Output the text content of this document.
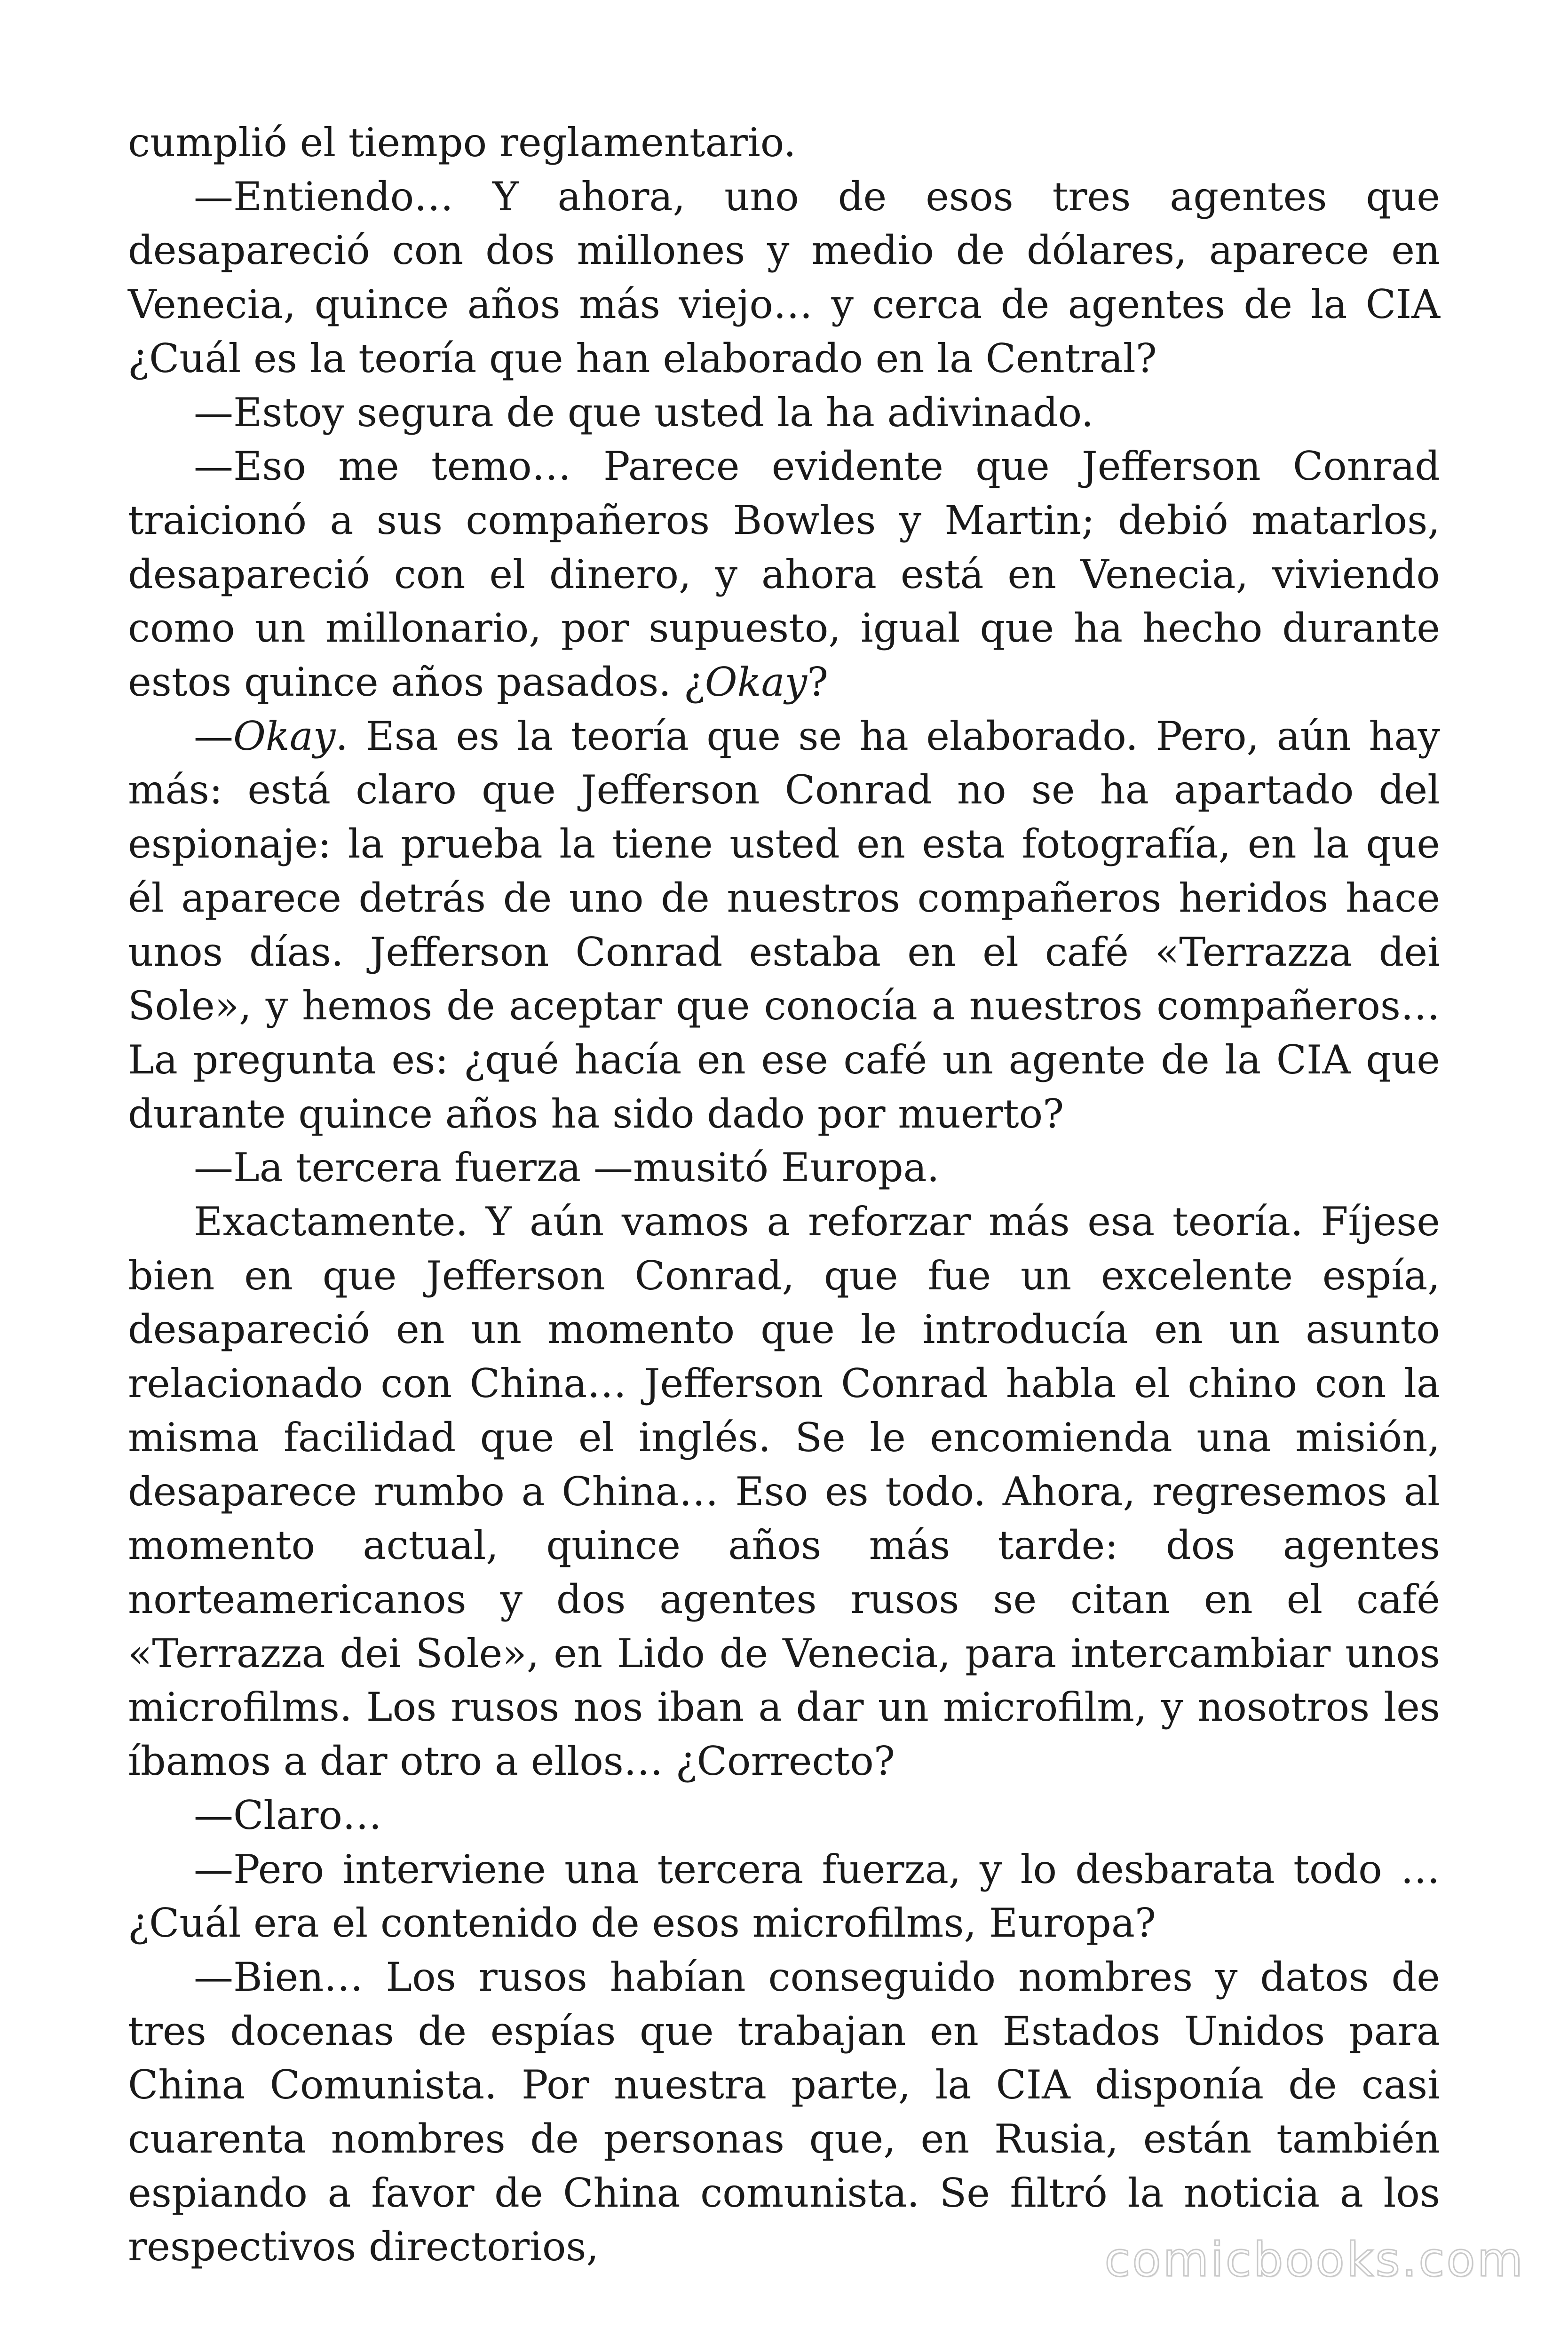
cumplió el tiempo reglamentario.

—Entiendo… Y ahora, uno de esos tres agentes que desapareció con dos millones y medio de dólares, aparece en Venecia, quince años más viejo… y cerca de agentes de la CIA ¿Cuál es la teoría que han elaborado en la Central?

—Estoy segura de que usted la ha adivinado.

—Eso me temo… Parece evidente que Jefferson Conrad traicionó a sus compañeros Bowles y Martin; debió matarlos, desapareció con el dinero, y ahora está en Venecia, viviendo como un millonario, por supuesto, igual que ha hecho durante estos quince años pasados. ¿Okay?

—Okay. Esa es la teoría que se ha elaborado. Pero, aún hay más: está claro que Jefferson Conrad no se ha apartado del espionaje: la prueba la tiene usted en esta fotografía, en la que él aparece detrás de uno de nuestros compañeros heridos hace unos días. Jefferson Conrad estaba en el café «Terrazza dei Sole», y hemos de aceptar que conocía a nuestros compañeros… La pregunta es: ¿qué hacía en ese café un agente de la CIA que durante quince años ha sido dado por muerto?

—La tercera fuerza —musitó Europa.

Exactamente. Y aún vamos a reforzar más esa teoría. Fíjese bien en que Jefferson Conrad, que fue un excelente espía, desapareció en un momento que le introducía en un asunto relacionado con China… Jefferson Conrad habla el chino con la misma facilidad que el inglés. Se le encomienda una misión, desaparece rumbo a China… Eso es todo. Ahora, regresemos al momento actual, quince años más tarde: dos agentes norteamericanos y dos agentes rusos se citan en el café «Terrazza dei Sole», en Lido de Venecia, para intercambiar unos microfilms. Los rusos nos iban a dar un microfilm, y nosotros les íbamos a dar otro a ellos… ¿Correcto?

—Claro…

—Pero interviene una tercera fuerza, y lo desbarata todo … ¿Cuál era el contenido de esos microfilms, Europa?

—Bien… Los rusos habían conseguido nombres y datos de tres docenas de espías que trabajan en Estados Unidos para China Comunista. Por nuestra parte, la CIA disponía de casi cuarenta nombres de personas que, en Rusia, están también espiando a favor de China comunista. Se filtró la noticia a los respectivos directorios,	comicbooks.com
